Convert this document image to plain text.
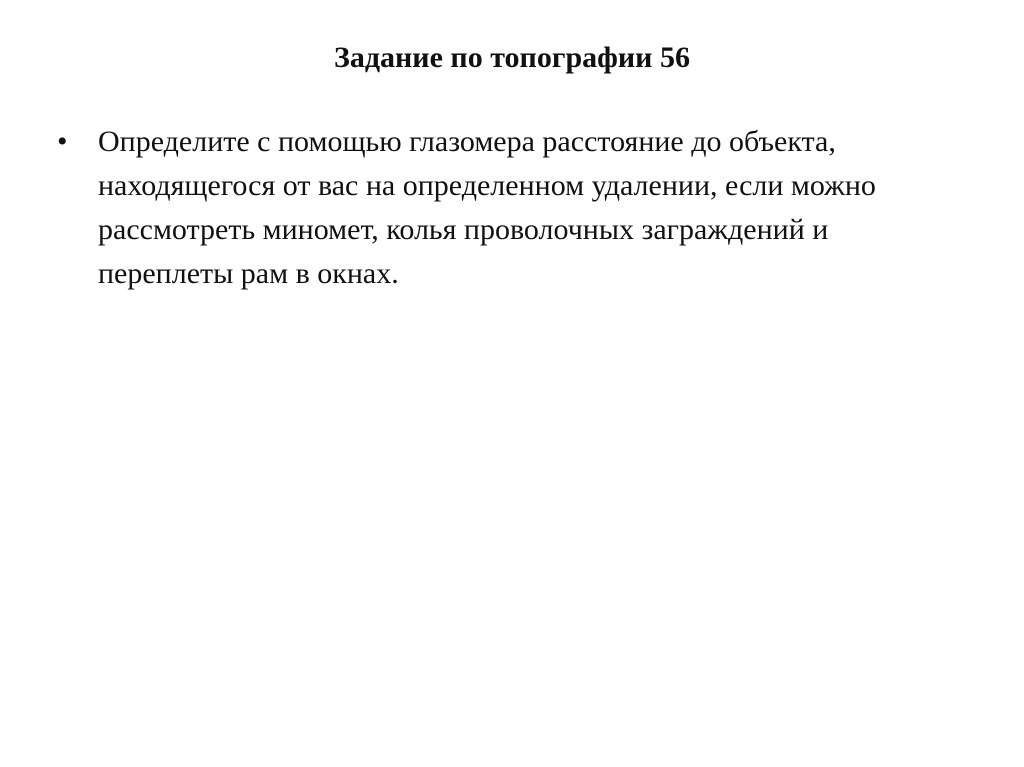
Задание по топографии 56
•	Определите с помощью глазомера расстояние до объекта, находящегося от вас на определенном удалении, если можно рассмотреть миномет, колья проволочных заграждений и переплеты рам в окнах.
